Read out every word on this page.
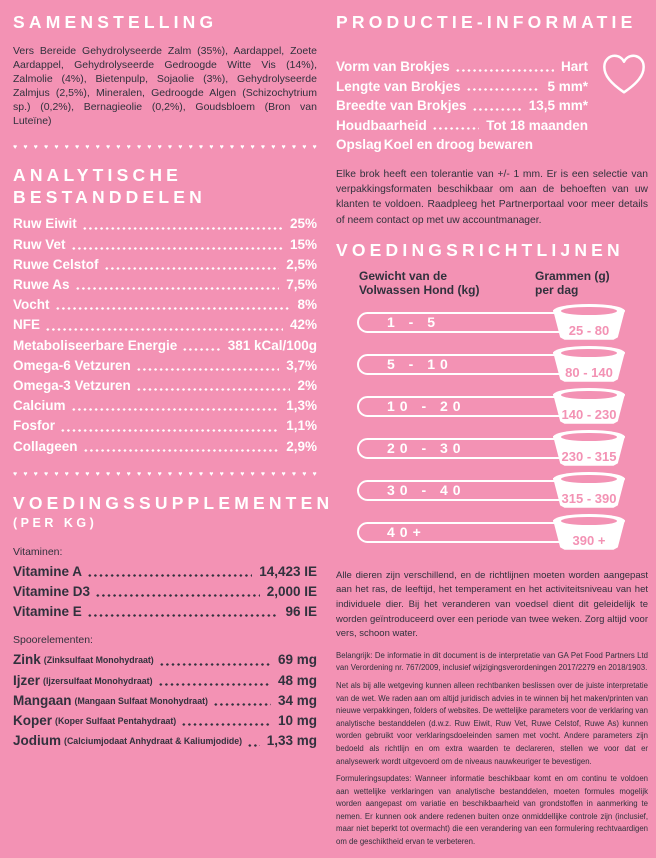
SAMENSTELLING

Vers Bereide Gehydrolyseerde Zalm (35%), Aardappel, Zoete Aardappel, Gehydrolyseerde Gedroogde Witte Vis (14%), Zalmolie (4%), Bietenpulp, Sojaolie (3%), Gehydrolyseerde Zalmjus (2,5%), Mineralen, Gedroogde Algen (Schizochytrium sp.) (0,2%), Bernagieolie (0,2%), Goudsbloem (Bron van Luteïne)

♥ ♥ ♥ ♥ ♥ ♥ ♥ ♥ ♥ ♥ ♥ ♥ ♥ ♥ ♥ ♥ ♥ ♥ ♥ ♥ ♥ ♥ ♥ ♥ ♥ ♥ ♥ ♥ ♥ ♥
ANALYTISCHE BESTANDDELEN
Ruw Eiwit	25%
Ruw Vet	15%
Ruwe Celstof	2,5%
Ruwe As	7,5%
Vocht	8%
NFE	42%
Metaboliseerbare Energie	381 kCal/100g
Omega-6 Vetzuren	3,7%
Omega-3 Vetzuren	2%
Calcium	1,3%
Fosfor	1,1%
Collageen	2,9%
♥ ♥ ♥ ♥ ♥ ♥ ♥ ♥ ♥ ♥ ♥ ♥ ♥ ♥ ♥ ♥ ♥ ♥ ♥ ♥ ♥ ♥ ♥ ♥ ♥ ♥ ♥ ♥ ♥ ♥
VOEDINGSSUPPLEMENTEN
(PER KG)

Vitaminen:

Vitamine A	14,423 IE
Vitamine D3	2,000 IE
Vitamine E	96 IE

Spoorelementen:

Zink (Zinksulfaat Monohydraat)	69 mg
Ijzer (Ijzersulfaat Monohydraat)	48 mg
Mangaan (Mangaan Sulfaat Monohydraat)	34 mg
Koper (Koper Sulfaat Pentahydraat)	10 mg
Jodium (Calciumjodaat Anhydraat & Kaliumjodide) 1,33 mg
PRODUCTIE-INFORMATIE
Vorm van Brokjes	Hart
Lengte van Brokjes	5 mm*
Breedte van Brokjes	13,5 mm*
Houdbaarheid	Tot 18 maanden
Opslag Koel en droog bewaren

Elke brok heeft een tolerantie van +/- 1 mm. Er is een selectie van verpakkingsformaten beschikbaar om aan de behoeften van uw klanten te voldoen. Raadpleeg het Partnerportaal voor meer details of neem contact op met uw accountmanager.

VOEDINGSRICHTLIJNEN
Gewicht van de
Volwassen Hond (kg)
Grammen (g)
per dag
1 - 5	25 - 80
5 - 10	80 - 140
10 - 20	140 - 230
20 - 30	230 - 315
30 - 40	315 - 390
40+	390 +

Alle dieren zijn verschillend, en de richtlijnen moeten worden aangepast aan het ras, de leeftijd, het temperament en het activiteitsniveau van het individuele dier. Bij het veranderen van voedsel dient dit geleidelijk te worden geïntroduceerd over een periode van twee weken. Zorg altijd voor vers, schoon water.

Belangrijk: De informatie in dit document is de interpretatie van GA Pet Food Partners Ltd van Verordening nr. 767/2009, inclusief wijzigingsverordeningen 2017/2279 en 2018/1903.

Net als bij alle wetgeving kunnen alleen rechtbanken beslissen over de juiste interpretatie van de wet. We raden aan om altijd juridisch advies in te winnen bij het maken/printen van nieuwe verpakkingen, folders of websites. De wettelijke parameters voor de verklaring van analytische bestanddelen (d.w.z. Ruw Eiwit, Ruw Vet, Ruwe Celstof, Ruwe As) kunnen worden gebruikt voor verklaringsdoeleinden samen met vocht. Andere parameters zijn bedoeld als richtlijn en om extra waarden te declareren, stellen we voor dat er analysewerk wordt uitgevoerd om de niveaus nauwkeuriger te bevestigen.

Formuleringsupdates: Wanneer informatie beschikbaar komt en om continu te voldoen aan wettelijke verklaringen van analytische bestanddelen, moeten formules mogelijk worden aangepast om variatie en beschikbaarheid van grondstoffen in aanmerking te nemen. Er kunnen ook andere redenen buiten onze onmiddellijke controle zijn (inclusief, maar niet beperkt tot overmacht) die een verandering van een formulering rechtvaardigen om de geschiktheid ervan te verbeteren.
